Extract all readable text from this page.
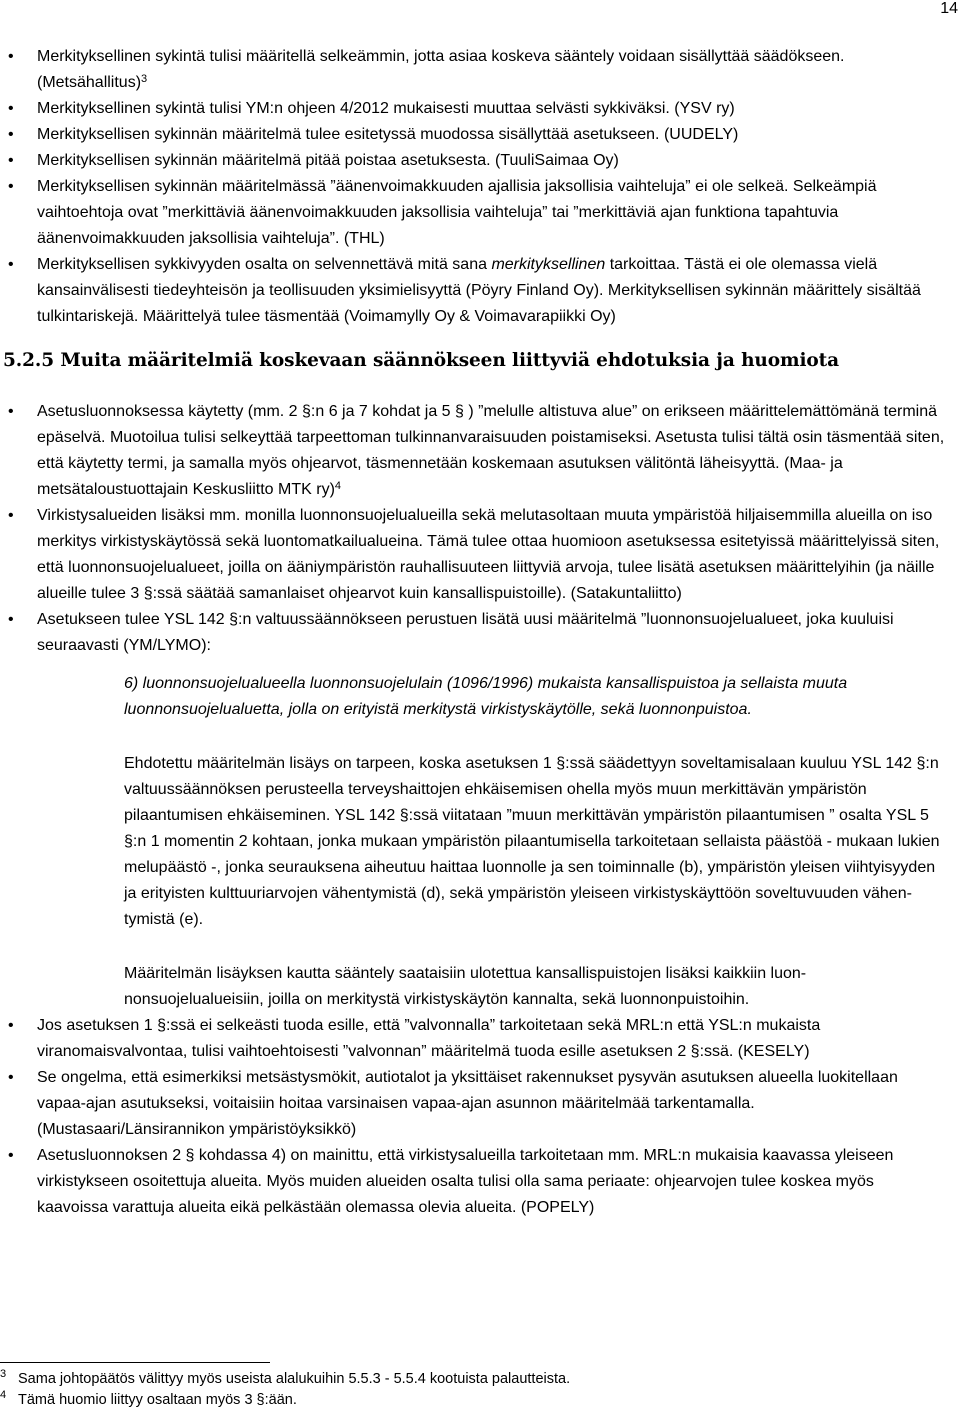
14
• Merkityksellinen sykintä tulisi määritellä selkeämmin, jotta asiaa koskeva sääntely voidaan sisällyttää säädökseen. (Metsähallitus)$^3$
• Merkityksellinen sykintä tulisi YM:n ohjeen 4/2012 mukaisesti muuttaa selvästi sykkiväksi. (YSV ry)
• Merkityksellisen sykinnän määritelmä tulee esitetyssä muodossa sisällyttää asetukseen. (UUDELY)
• Merkityksellisen sykinnän määritelmä pitää poistaa asetuksesta. (TuuliSaimaa Oy)
• Merkityksellisen sykinnän määritelmässä ”äänenvoimakkuuden ajallisia jaksollisia vaihteluja” ei ole selkeä. Selkeämpiä vaihtoehtoja ovat ”merkittäviä äänenvoimakkuuden jaksollisia vaihteluja” tai ”merkittäviä ajan funktiona tapahtuvia äänenvoimakkuuden jaksollisia vaihteluja”. (THL)
• Merkityksellisen sykkivyyden osalta on selvennettävä mitä sana merkityksellinen tarkoittaa. Tästä ei ole olemassa vielä kansainvälisesti tiedeyhteisön ja teollisuuden yksimielisyyttä (Pöyry Finland Oy). Merkityksellisen sykinnän määrittely sisältää tulkintariskejä. Määrittelyä tulee täsmentää (Voimamylly Oy & Voimavarapiikki Oy)
5.2.5 Muita määritelmiä koskevaan säännökseen liittyviä ehdotuksia ja huomiota
• Asetusluonnoksessa käytetty (mm. 2 §:n 6 ja 7 kohdat ja 5 § ) ”melulle altistuva alue” on erikseen määrittelemättömänä terminä epäselvä. Muotoilua tulisi selkeyttää tarpeettoman tulkinnanvaraisuuden poistamiseksi. Asetusta tulisi tältä osin täsmentää siten, että käytetty termi, ja samalla myös ohjearvot, täsmennetään koskemaan asutuksen välitöntä läheisyyttä. (Maa- ja metsätaloustuottajain Keskusliitto MTK ry)$^4$
• Virkistysalueiden lisäksi mm. monilla luonnonsuojelualueilla sekä melutasoltaan muuta ympäristöä hiljaisemmilla alueilla on iso merkitys virkistyskäytössä sekä luontomatkailualueina. Tämä tulee ottaa huomioon asetuksessa esitetyissä määrittelyissä siten, että luonnonsuojelualueet, joilla on ääniympäristön rauhallisuuteen liittyviä arvoja, tulee lisätä asetuksen määrittelyihin (ja näille alueille tulee 3 §:ssä säätää samanlaiset ohjearvot kuin kansallispuistoille). (Satakuntaliitto)
• Asetukseen tulee YSL 142 §:n valtuussäännökseen perustuen lisätä uusi määritelmä ”luonnonsuojelualueet, joka kuuluisi seuraavasti (YM/LYMO):
6) luonnonsuojelualueella luonnonsuojelulain (1096/1996) mukaista kansallispuistoa ja sellaista muuta luonnonsuojelualuetta, jolla on erityistä merkitystä virkistyskäytölle, sekä luonnonpuistoa.
Ehdotettu määritelmän lisäys on tarpeen, koska asetuksen 1 §:ssä säädettyyn soveltamisalaan kuuluu YSL 142 §:n valtuussäännöksen perusteella terveyshaittojen ehkäisemisen ohella myös muun merkittävän ympäristön pilaantumisen ehkäiseminen. YSL 142 §:ssä viitataan ”muun merkittävän ympäristön pilaantumisen ” osalta YSL 5 §:n 1 momentin 2 kohtaan, jonka mukaan ympäristön pilaantumisella tarkoitetaan sellaista päästöä - mukaan lukien melupäästö -, jonka seurauksena aiheutuu haittaa luonnolle ja sen toiminnalle (b), ympäristön yleisen viihtyisyyden ja erityisten kulttuuriarvojen vähentymistä (d), sekä ympäristön yleiseen virkistyskäyttöön soveltuvuuden vähentymistä (e).
Määritelmän lisäyksen kautta sääntely saataisiin ulotettua kansallispuistojen lisäksi kaikkiin luonnonsuojelualueisiin, joilla on merkitystä virkistyskäytön kannalta, sekä luonnonpuistoihin.
• Jos asetuksen 1 §:ssä ei selkeästi tuoda esille, että ”valvonnalla” tarkoitetaan sekä MRL:n että YSL:n mukaista viranomaisvalvontaa, tulisi vaihtoehtoisesti ”valvonnan” määritelmä tuoda esille asetuksen 2 §:ssä. (KESELY)
• Se ongelma, että esimerkiksi metsästysmökit, autiotalot ja yksittäiset rakennukset pysyvän asutuksen alueella luokitellaan vapaa-ajan asutukseksi, voitaisiin hoitaa varsinaisen vapaa-ajan asunnon määritelmää tarkentamalla. (Mustasaari/Länsirannikon ympäristöyksikkö)
• Asetusluonnoksen 2 § kohdassa 4) on mainittu, että virkistysalueilla tarkoitetaan mm. MRL:n mukaisia kaavassa yleiseen virkistykseen osoitettuja alueita. Myös muiden alueiden osalta tulisi olla sama periaate: ohjearvojen tulee koskea myös kaavoissa varattuja alueita eikä pelkästään olemassa olevia alueita. (POPELY)
3 Sama johtopäätös välittyy myös useista alalukuihin 5.5.3 - 5.5.4 kootuista palautteista.
4 Tämä huomio liittyy osaltaan myös 3 §:ään.
